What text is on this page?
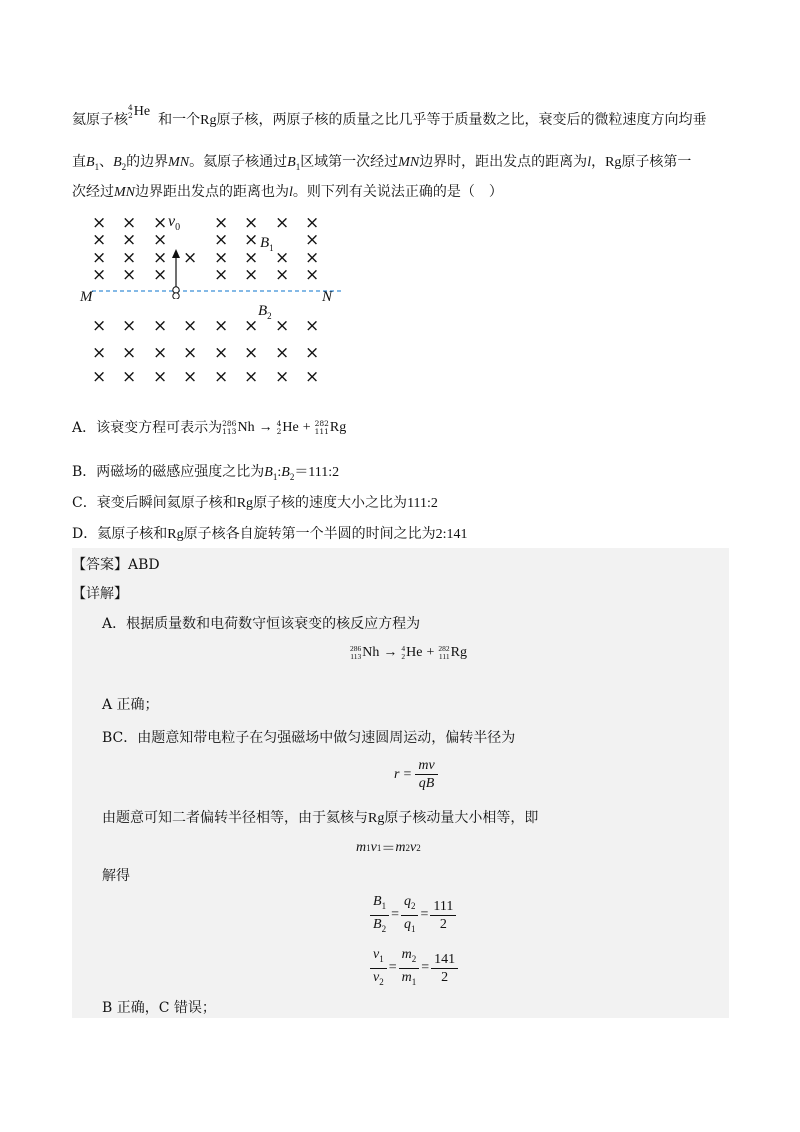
氦原子核
4
2 He
和一个Rg原子核，两原子核的质量之比几乎等于质量数之比，衰变后的微粒速度方向均垂
直$B_1$、$B_2$的边界MN。氦原子核通过$B_1$区域第一次经过MN边界时，距出发点的距离为l，Rg原子核第一
次经过MN边界距出发点的距离也为l。则下列有关说法正确的是（　）
×
×
×
×
×
×
×
×
×
×
×
×
×
×
×
×
×
×
×
×
×
×
×
×
×
×
×
×
×
×
×
×
×
×
×
×
×
×
×
×
×
×
×
×
×
×
×
×
×
×
×
×	$v_0$
$B_1$
$B_2$
M	N
A．该衰变方程可表示为 286
113 Nh → 4
2 He + 282
111 Rg
B．两磁场的磁感应强度之比为$B_1:B_2=111:2$
C．衰变后瞬间氦原子核和Rg原子核的速度大小之比为111:2
D．氦原子核和Rg原子核各自旋转第一个半圆的时间之比为2:141
【答案】ABD
【详解】
A．根据质量数和电荷数守恒该衰变的核反应方程为
286
113 Nh → 4
2 He + 282
111 Rg
A 正确；
BC．由题意知带电粒子在匀强磁场中做匀速圆周运动，偏转半径为
$r = \frac{mv}{qB}$
由题意可知二者偏转半径相等，由于氦核与Rg原子核动量大小相等，即
m 1 v 1 ＝ m 2 v 2
解得
$\frac{B_1}{B_2} = \frac{q_2}{q_1} = \frac{111}{2}$
$\frac{v_1}{v_2} = \frac{m_2}{m_1} = \frac{141}{2}$
B 正确，C 错误；
